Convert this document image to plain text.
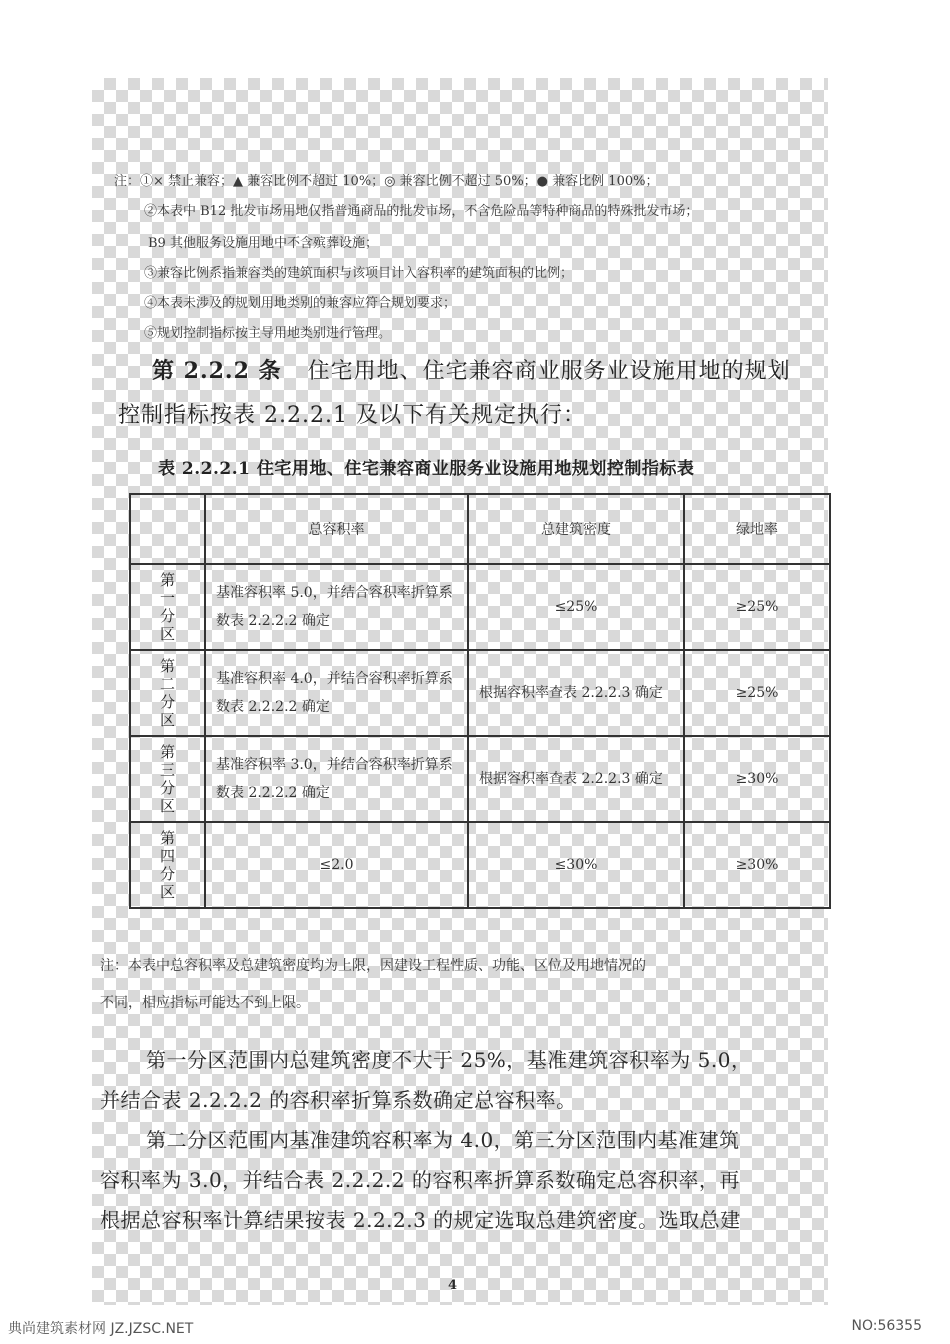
注：①× 禁止兼容；▲ 兼容比例不超过 10%；◎ 兼容比例不超过 50%；● 兼容比例 100%；
②本表中 B12 批发市场用地仅指普通商品的批发市场，不含危险品等特种商品的特殊批发市场；
B9 其他服务设施用地中不含殡葬设施；
③兼容比例系指兼容类的建筑面积与该项目计入容积率的建筑面积的比例；
④本表未涉及的规划用地类别的兼容应符合规划要求；
⑤规划控制指标按主导用地类别进行管理。
第 2.2.2 条 住宅用地、住宅兼容商业服务业设施用地的规划
控制指标按表 2.2.2.1 及以下有关规定执行：
表 2.2.2.1 住宅用地、住宅兼容商业服务业设施用地规划控制指标表
	总容积率	总建筑密度	绿地率
第一分区	基准容积率 5.0，并结合容积率折算系数表 2.2.2.2 确定	≤25%	≥25%
第二分区	基准容积率 4.0，并结合容积率折算系数表 2.2.2.2 确定	根据容积率查表 2.2.2.3 确定	≥25%
第三分区	基准容积率 3.0，并结合容积率折算系数表 2.2.2.2 确定	根据容积率查表 2.2.2.3 确定	≥30%
第四分区	≤2.0	≤30%	≥30%
注：本表中总容积率及总建筑密度均为上限，因建设工程性质、功能、区位及用地情况的
不同，相应指标可能达不到上限。
第一分区范围内总建筑密度不大于 25%，基准建筑容积率为 5.0，
并结合表 2.2.2.2 的容积率折算系数确定总容积率。
第二分区范围内基准建筑容积率为 4.0，第三分区范围内基准建筑
容积率为 3.0，并结合表 2.2.2.2 的容积率折算系数确定总容积率，再
根据总容积率计算结果按表 2.2.2.3 的规定选取总建筑密度。选取总建
4
典尚建筑素材网 JZ.JZSC.NET	NO:56355
